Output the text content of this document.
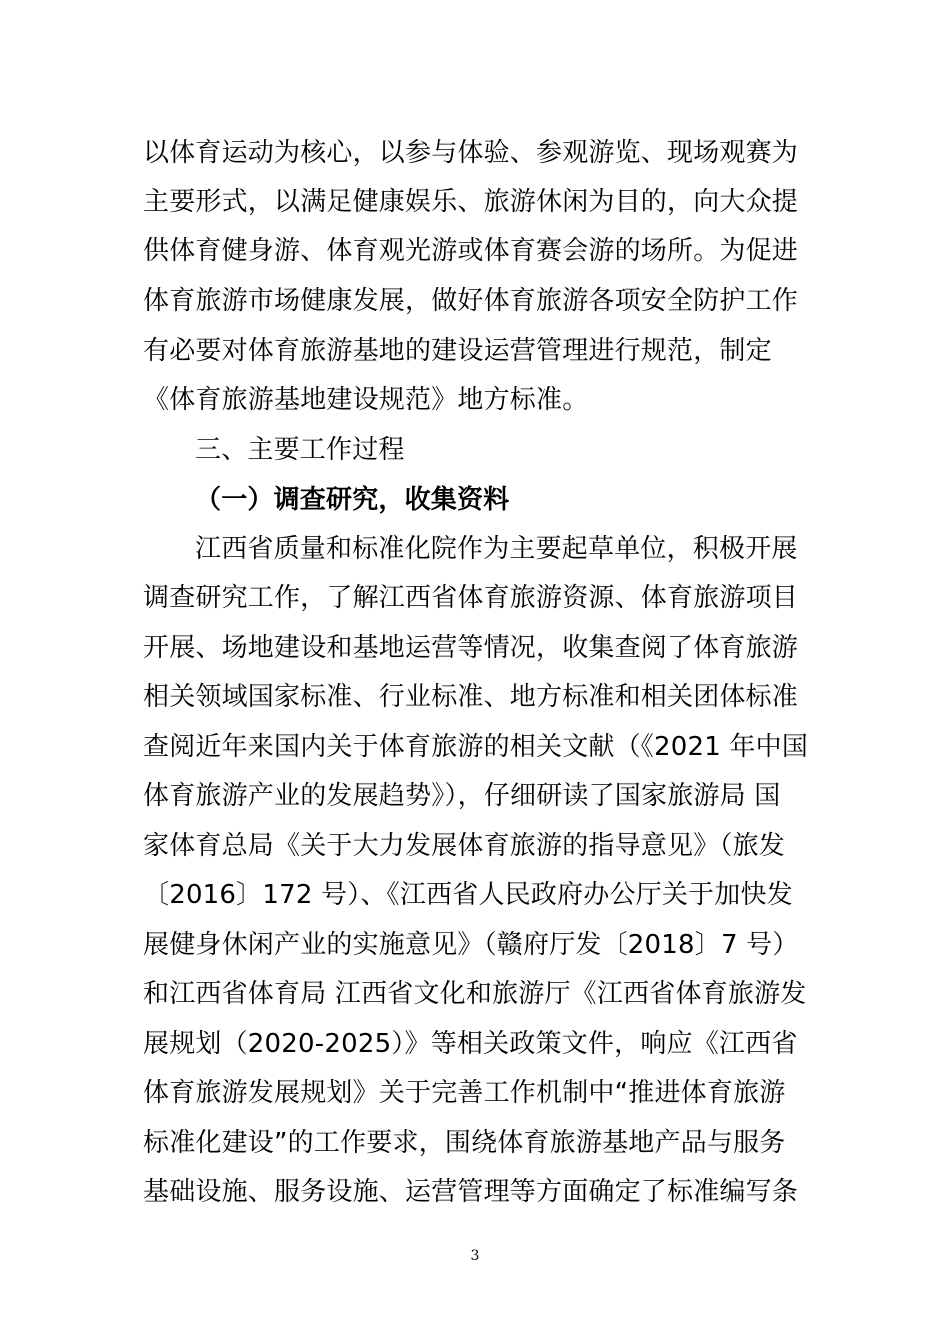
以体育运动为核心，以参与体验、参观游览、现场观赛为
主要形式，以满足健康娱乐、旅游休闲为目的，向大众提
供体育健身游、体育观光游或体育赛会游的场所。为促进
体育旅游市场健康发展，做好体育旅游各项安全防护工作
有必要对体育旅游基地的建设运营管理进行规范，制定
《体育旅游基地建设规范》地方标准。
三、主要工作过程
（一）调查研究，收集资料
江西省质量和标准化院作为主要起草单位，积极开展
调查研究工作，了解江西省体育旅游资源、体育旅游项目
开展、场地建设和基地运营等情况，收集查阅了体育旅游
相关领域国家标准、行业标准、地方标准和相关团体标准
查阅近年来国内关于体育旅游的相关文献（《2021 年中国
体育旅游产业的发展趋势》），仔细研读了国家旅游局 国
家体育总局《关于大力发展体育旅游的指导意见》（旅发
〔2016〕172 号）、《江西省人民政府办公厅关于加快发
展健身休闲产业的实施意见》（赣府厅发〔2018〕7 号）
和江西省体育局 江西省文化和旅游厅《江西省体育旅游发
展规划（2020-2025）》等相关政策文件，响应《江西省
体育旅游发展规划》关于完善工作机制中“推进体育旅游
标准化建设”的工作要求，围绕体育旅游基地产品与服务
基础设施、服务设施、运营管理等方面确定了标准编写条
3
